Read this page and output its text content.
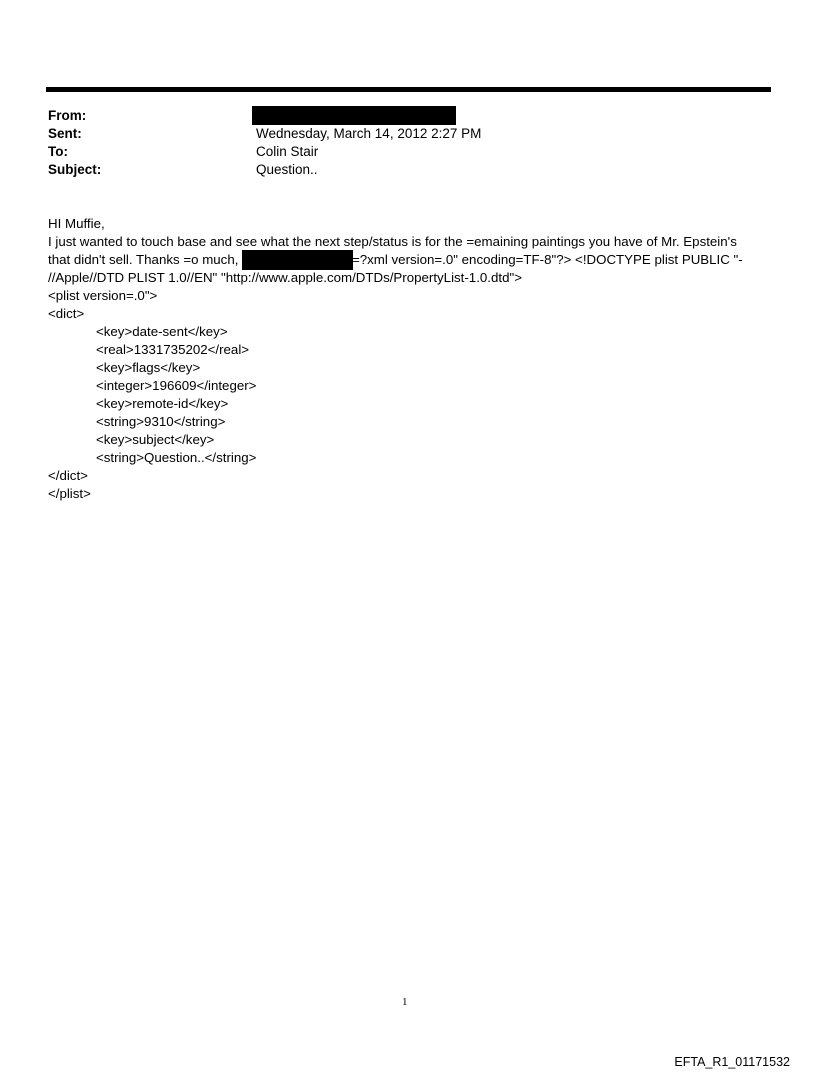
From:
Sent:	Wednesday, March 14, 2012 2:27 PM
To:	Colin Stair
Subject:	Question..
HI Muffie,
I just wanted to touch base and see what the next step/status is for the =emaining paintings you have of Mr. Epstein's
that didn't sell. Thanks =o much,	=?xml version=.0" encoding=TF-8"?> <!DOCTYPE plist PUBLIC "-
//Apple//DTD PLIST 1.0//EN" "http://www.apple.com/DTDs/PropertyList-1.0.dtd">
<plist version=.0">
<dict>
<key>date-sent</key>
<real>1331735202</real>
<key>flags</key>
<integer>196609</integer>
<key>remote-id</key>
<string>9310</string>
<key>subject</key>
<string>Question..</string>
</dict>
</plist>
1
EFTA_R1_01171532
